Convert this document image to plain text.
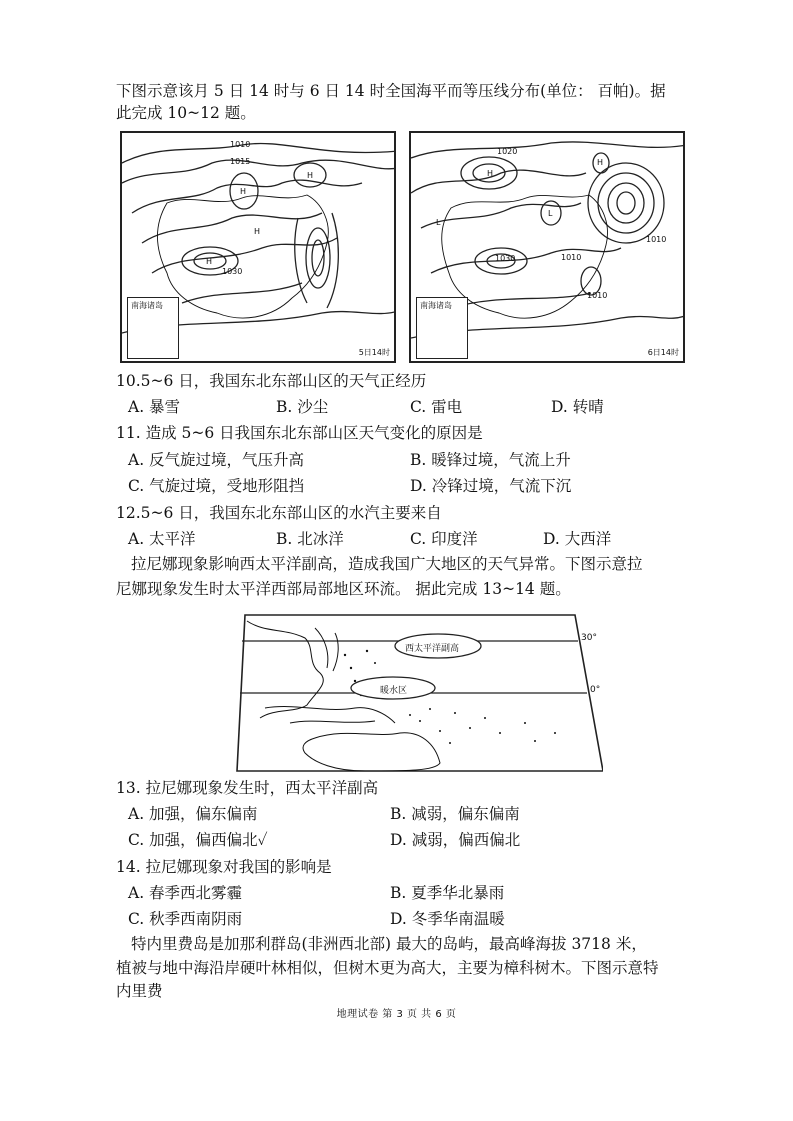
下图示意该月 5 日 14 时与 6 日 14 时全国海平而等压线分布(单位： 百帕)。据
此完成 10~12 题。
1010
1015
H
H
H
H
1030
南海诸岛
5日14时
1020
1030
H
H
L
L
1010
1010
1010
南海诸岛
6日14时
10.5~6 日，我国东北东部山区的天气正经历
A. 暴雪	B. 沙尘	C. 雷电	D. 转晴
11. 造成 5~6 日我国东北东部山区天气变化的原因是
A. 反气旋过境，气压升高	B. 暖锋过境，气流上升
C. 气旋过境，受地形阻挡	D. 冷锋过境，气流下沉
12.5~6 日，我国东北东部山区的水汽主要来自
A. 太平洋	B. 北冰洋	C. 印度洋	D. 大西洋
拉尼娜现象影响西太平洋副高，造成我国广大地区的天气异常。下图示意拉
尼娜现象发生时太平洋西部局部地区环流。 据此完成 13~14 题。
西太平洋副高
暖水区
30°
0°
13. 拉尼娜现象发生时，西太平洋副高
A. 加强，偏东偏南	B. 减弱，偏东偏南
C. 加强，偏西偏北✓	D. 减弱，偏西偏北
14. 拉尼娜现象对我国的影响是
A. 春季西北雾霾	B. 夏季华北暴雨
C. 秋季西南阴雨	D. 冬季华南温暖
特内里费岛是加那利群岛(非洲西北部) 最大的岛屿，最高峰海拔 3718 米，
植被与地中海沿岸硬叶林相似，但树木更为高大，主要为樟科树木。下图示意特
内里费
地理试卷 第 3 页 共 6 页
